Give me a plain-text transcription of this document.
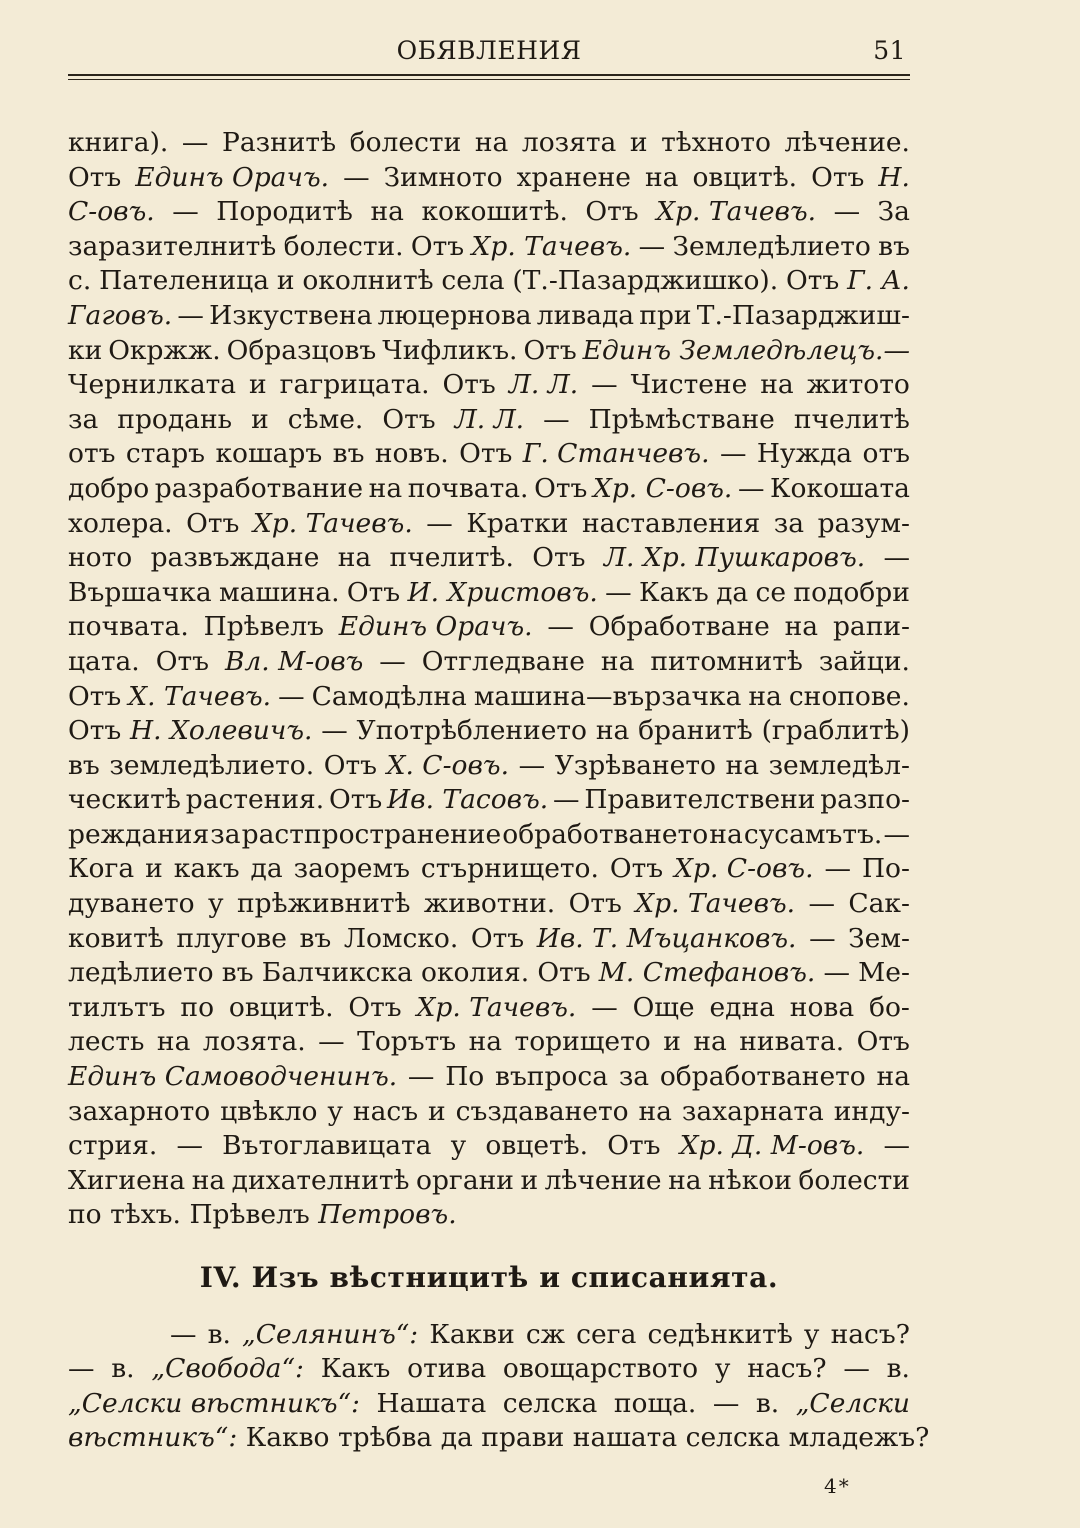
ОБЯВЛЕНИЯ	51
книга). — Разнитѣ болести на лозята и тѣхното лѣчение.
Отъ Единъ Орачъ. — Зимното хранене на овцитѣ. Отъ Н.
С-овъ. — Породитѣ на кокошитѣ. Отъ Хр. Тачевъ. — За
заразителнитѣ болести. Отъ Хр. Тачевъ. — Земледѣлието въ
с. Пателеница и околнитѣ села (Т.-Пазарджишко). Отъ Г. А.
Гаговъ. — Изкуствена люцернова ливада при Т.-Пазарджиш-
ки Окржж. Образцовъ Чифликъ. Отъ Единъ Земледѣлецъ.—
Чернилката и гагрицата. Отъ Л. Л. — Чистене на житото
за продань и сѣме. Отъ Л. Л. — Прѣмѣстване пчелитѣ
отъ старъ кошаръ въ новъ. Отъ Г. Станчевъ. — Нужда отъ
добро разработвание на почвата. Отъ Хр. С-овъ. — Кокошата
холера. Отъ Хр. Тачевъ. — Кратки наставления за разум-
ното развъждане на пчелитѣ. Отъ Л. Хр. Пушкаровъ. —
Вършачка машина. Отъ И. Христовъ. — Какъ да се подобри
почвата. Прѣвелъ Единъ Орачъ. — Обработване на рапи-
цата. Отъ Вл. М-овъ — Отгледване на питомнитѣ зайци.
Отъ Х. Тачевъ. — Самодѣлна машина—вързачка на снопове.
Отъ Н. Холевичъ. — Употрѣблението на бранитѣ (граблитѣ)
въ земледѣлието. Отъ Х. С-овъ. — Узрѣването на земледѣл-
ческитѣ растения. Отъ Ив. Тасовъ. — Правителствени разпо-
реждания за растпространение обработването на сусамътъ. —
Кога и какъ да заоремъ стърнището. Отъ Хр. С-овъ. — По-
дуването у прѣживнитѣ животни. Отъ Хр. Тачевъ. — Сак-
ковитѣ плугове въ Ломско. Отъ Ив. Т. Мъцанковъ. — Зем-
ледѣлието въ Балчикска околия. Отъ М. Стефановъ. — Ме-
тилътъ по овцитѣ. Отъ Хр. Тачевъ. — Още една нова бо-
лесть на лозята. — Торътъ на торището и на нивата. Отъ
Единъ Самоводченинъ. — По въпроса за обработването на
захарното цвѣкло у насъ и създаването на захарната инду-
стрия. — Вътоглавицата у овцетѣ. Отъ Хр. Д. М-овъ. —
Хигиена на дихателнитѣ органи и лѣчение на нѣкои болести
по тѣхъ. Прѣвелъ Петровъ.
IV. Изъ вѣстницитѣ и списанията.
— в. „Селянинъ“: Какви сж сега седѣнкитѣ у насъ?
— в. „Свобода“: Какъ отива овощарството у насъ? — в.
„Селски вѣстникъ“: Нашата селска поща. — в. „Селски
вѣстникъ“: Какво трѣбва да прави нашата селска младежъ?
4*
